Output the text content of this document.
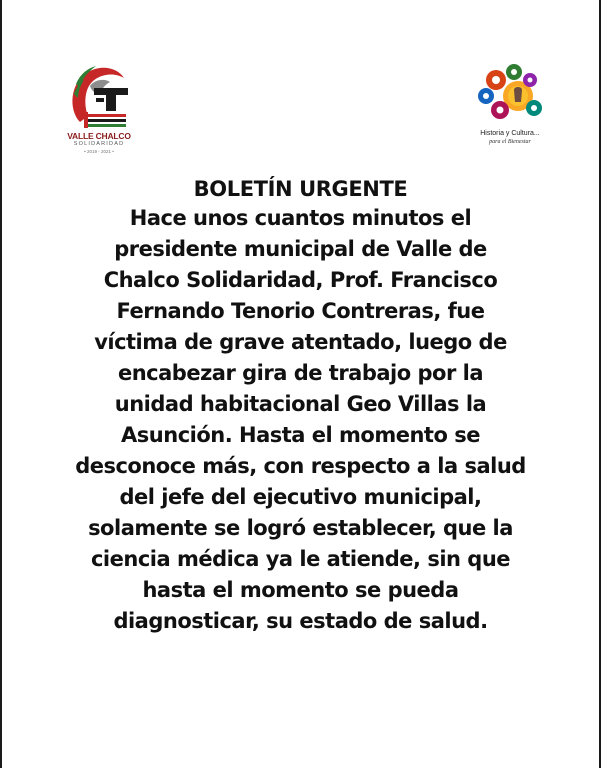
VALLE CHALCO
SOLIDARIDAD
• 2019 - 2021 •
Historia y Cultura...
para el Bienestar
BOLETÍN URGENTE
Hace unos cuantos minutos el
presidente municipal de Valle de
Chalco Solidaridad, Prof. Francisco
Fernando Tenorio Contreras, fue
víctima de grave atentado, luego de
encabezar gira de trabajo por la
unidad habitacional Geo Villas la
Asunción. Hasta el momento se
desconoce más, con respecto a la salud
del jefe del ejecutivo municipal,
solamente se logró establecer, que la
ciencia médica ya le atiende, sin que
hasta el momento se pueda
diagnosticar, su estado de salud.
